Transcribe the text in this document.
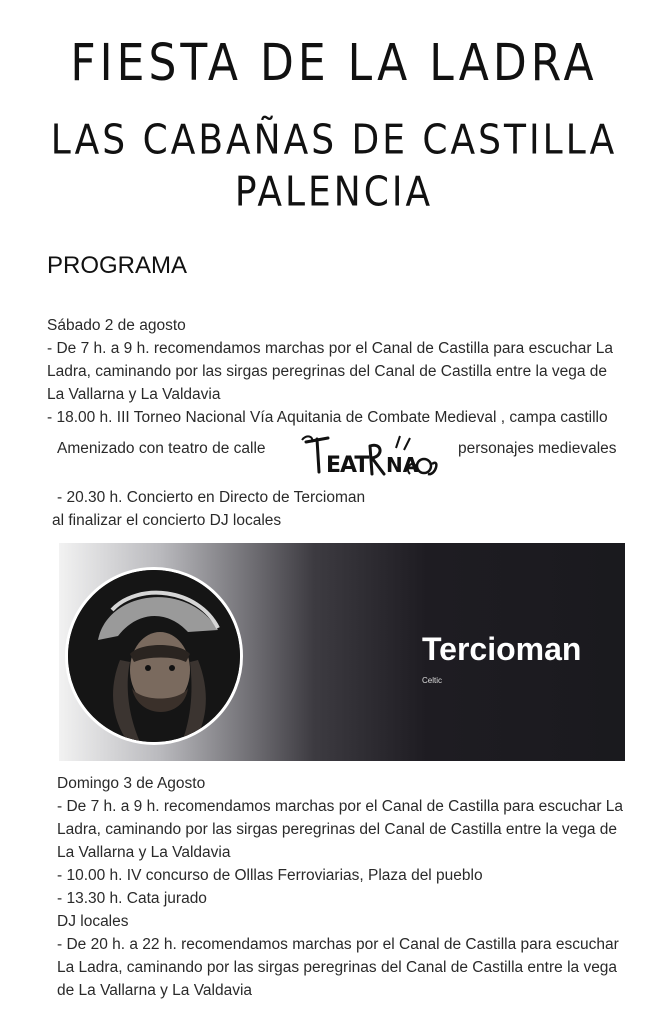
FIESTA DE LA LADRA
LAS CABAÑAS DE CASTILLA
PALENCIA
PROGRAMA
Sábado 2 de agosto
- De 7 h. a 9 h. recomendamos marchas por el Canal de Castilla para escuchar La
Ladra, caminando por las sirgas peregrinas del Canal de Castilla entre la vega de
La Vallarna y La Valdavia
- 18.00 h. III Torneo Nacional Vía Aquitania de Combate Medieval , campa castillo
Amenizado con teatro de calle
EAT NA
personajes medievales
- 20.30 h. Concierto en Directo de Tercioman
al finalizar el concierto DJ locales
Tercioman
Celtic
Domingo 3 de Agosto
- De 7 h. a 9 h. recomendamos marchas por el Canal de Castilla para escuchar La
Ladra, caminando por las sirgas peregrinas del Canal de Castilla entre la vega de
La Vallarna y La Valdavia
- 10.00 h. IV concurso de Olllas Ferroviarias, Plaza del pueblo
- 13.30 h. Cata jurado
DJ locales
- De 20 h. a 22 h. recomendamos marchas por el Canal de Castilla para escuchar
La Ladra, caminando por las sirgas peregrinas del Canal de Castilla entre la vega
de La Vallarna y La Valdavia
